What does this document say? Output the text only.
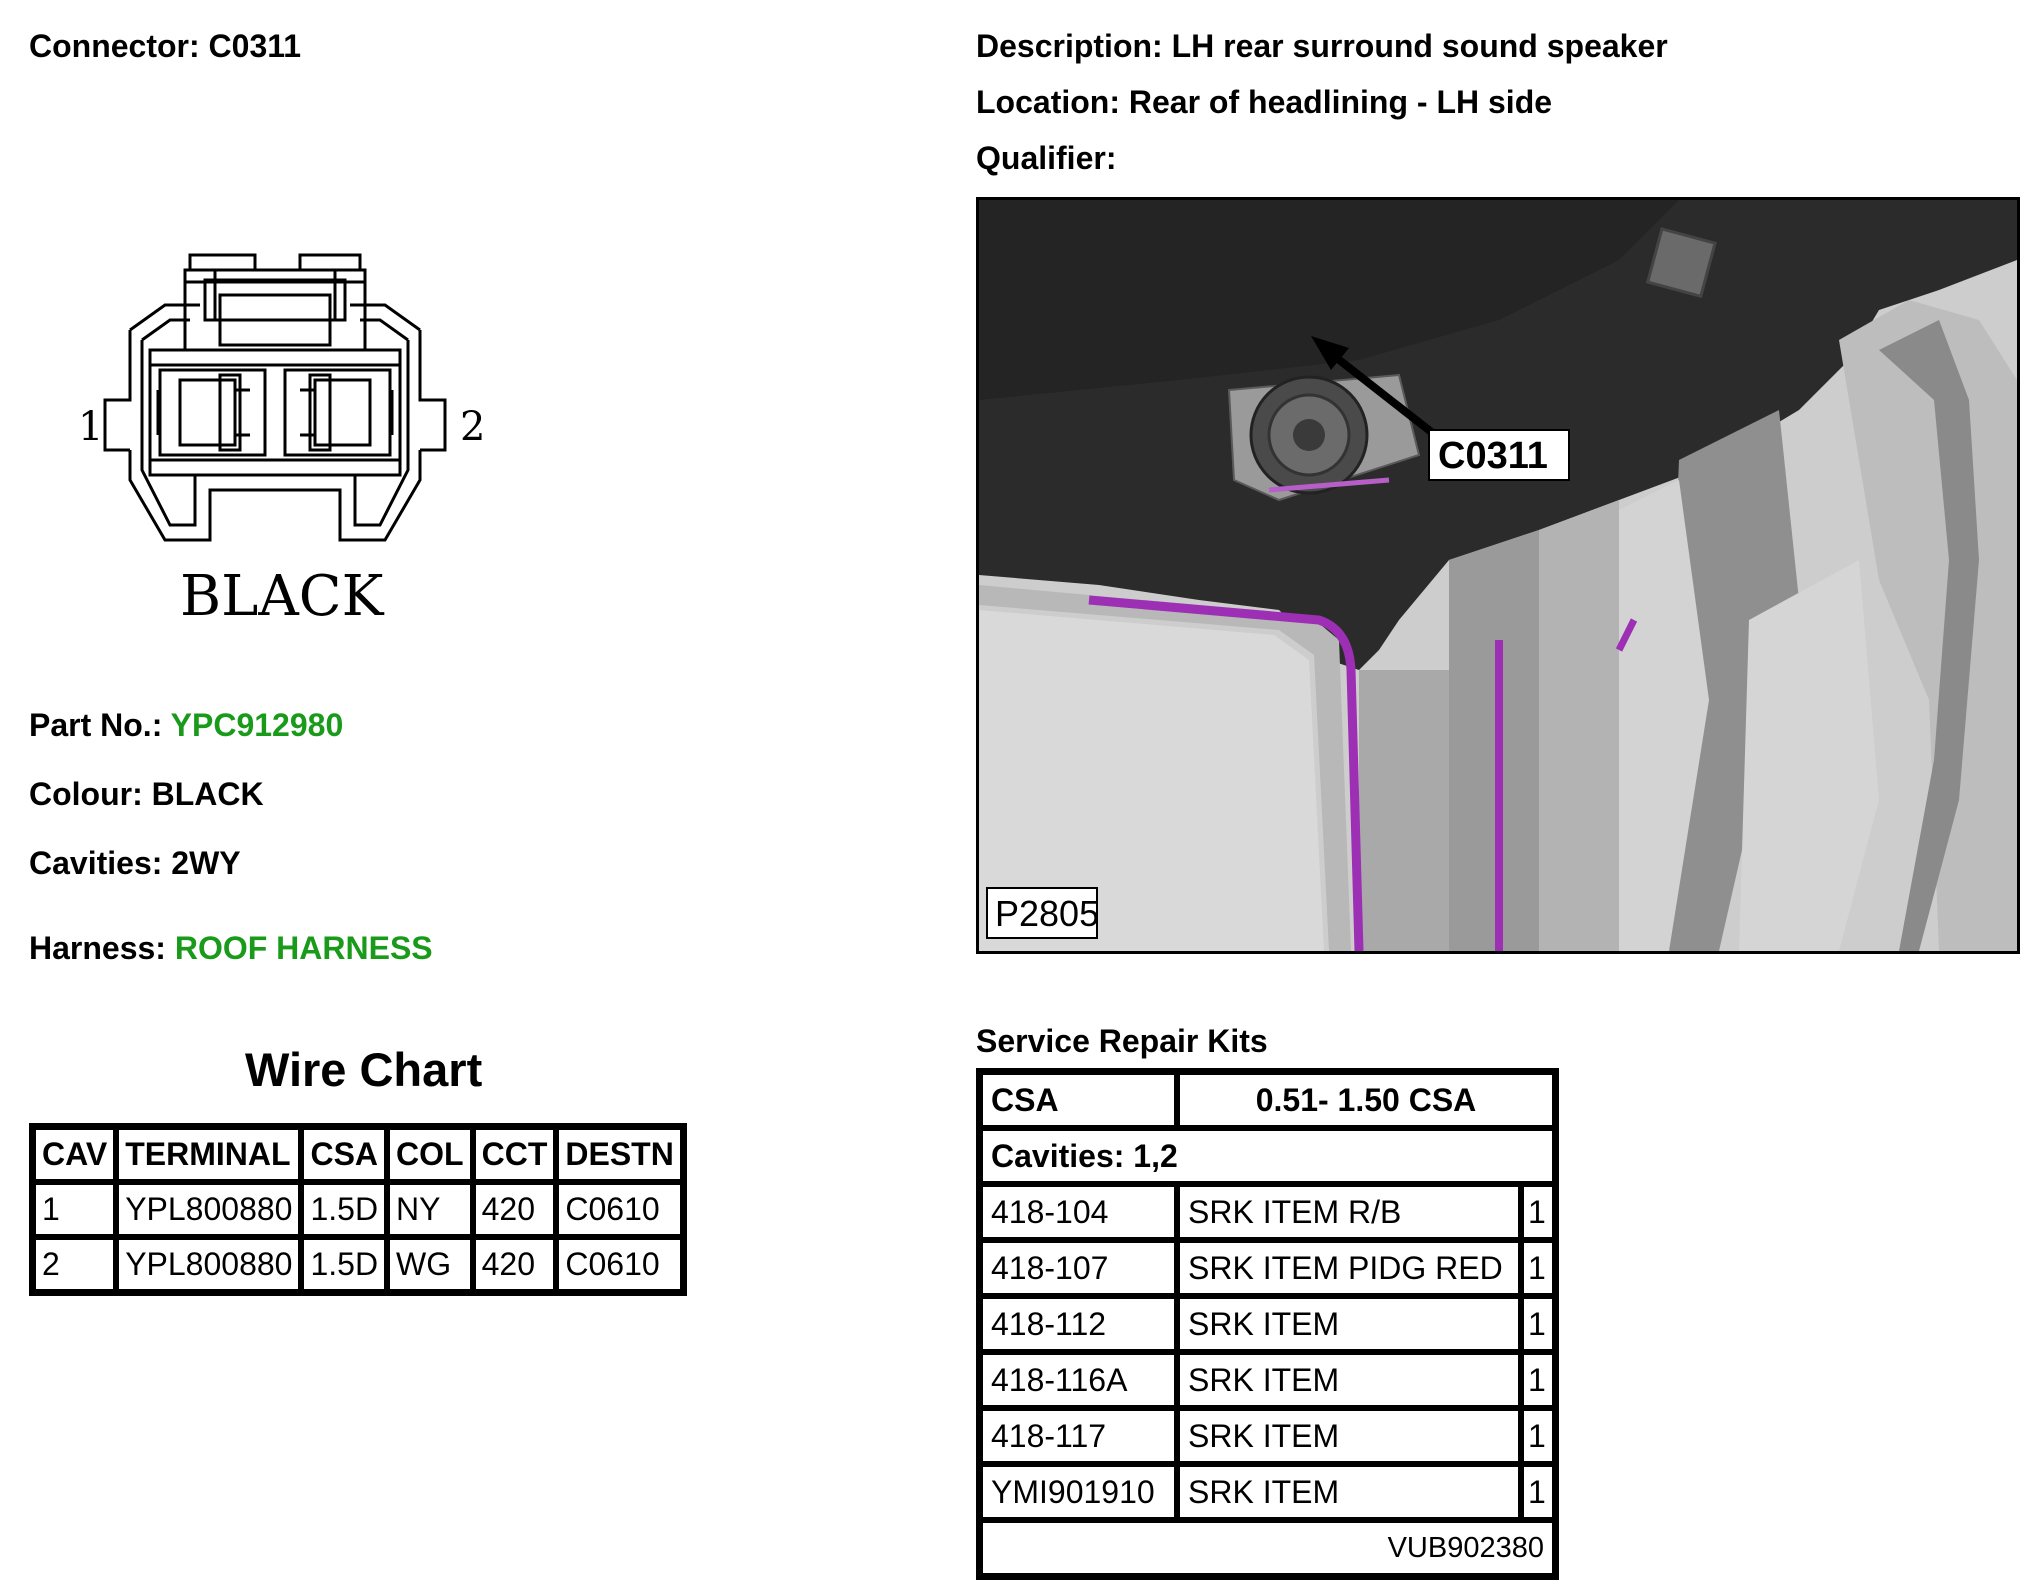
Connector: C0311	Description: LH rear surround sound speaker
Location: Rear of headlining - LH side
Qualifier:
1	2
BLACK
Part No.: YPC912980
Colour: BLACK
Cavities: 2WY
Harness: ROOF HARNESS
Wire Chart
CAV	TERMINAL	CSA	COL	CCT	DESTN
1	YPL800880	1.5D	NY	420	C0610
2	YPL800880	1.5D	WG	420	C0610
C0311
P2805
Service Repair Kits
CSA	0.51- 1.50 CSA	
Cavities: 1,2		
418-104	SRK ITEM R/B	1
418-107	SRK ITEM PIDG RED	1
418-112	SRK ITEM	1
418-116A	SRK ITEM	1
418-117	SRK ITEM	1
YMI901910	SRK ITEM	1
VUB902380		
